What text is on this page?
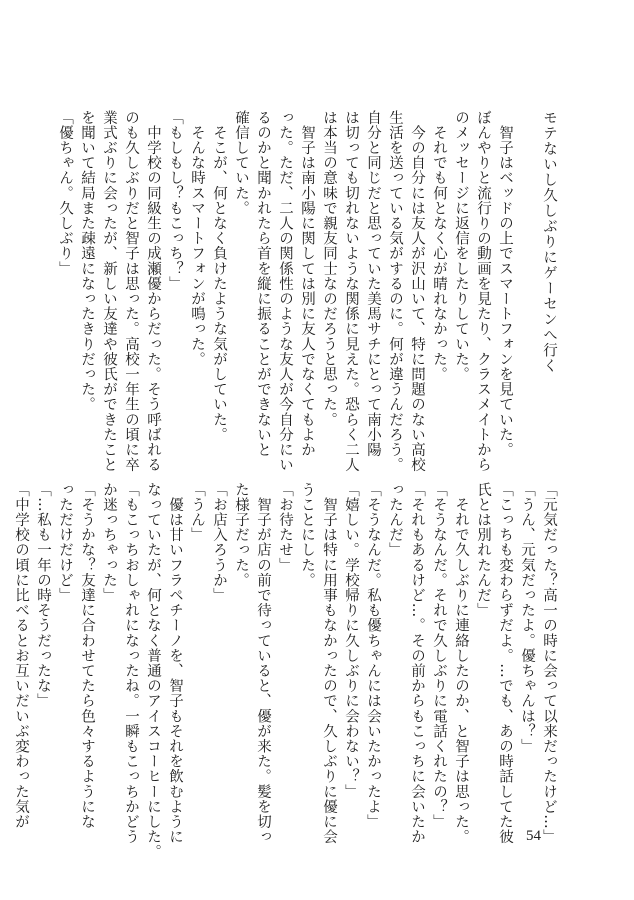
モテないし久しぶりにゲーセンへ行く
　智子はベッドの上でスマートフォンを見ていた。
ぼんやりと流行りの動画を見たり、クラスメイトから
のメッセージに返信をしたりしていた。
　それでも何となく心が晴れなかった。
　今の自分には友人が沢山いて、特に問題のない高校
生活を送っている気がするのに。何が違うんだろう。
自分と同じだと思っていた美馬サチにとって南小陽
は切っても切れないような関係に見えた。恐らく二人
は本当の意味で親友同士なのだろうと思った。
　智子は南小陽に関しては別に友人でなくてもよか
った。ただ、二人の関係性のような友人が今自分にい
るのかと聞かれたら首を縦に振ることができないと
確信していた。
　そこが、何となく負けたような気がしていた。
　そんな時スマートフォンが鳴った。
「もしもし？もこっち？」
　中学校の同級生の成瀬優からだった。そう呼ばれる
のも久しぶりだと智子は思った。高校一年生の頃に卒
業式ぶりに会ったが、新しい友達や彼氏ができたこと
を聞いて結局また疎遠になったきりだった。
「優ちゃん。久しぶり」
「元気だった？高一の時に会って以来だったけど…」
「うん、元気だったよ。優ちゃんは？」
「こっちも変わらずだよ。…でも、あの時話してた彼
氏とは別れたんだ」
　それで久しぶりに連絡したのか、と智子は思った。
「そうなんだ。それで久しぶりに電話くれたの？」
「それもあるけど…。その前からもこっちに会いたか
ったんだ」
「そうなんだ。私も優ちゃんには会いたかったよ」
「嬉しい。学校帰りに久しぶりに会わない？」
　智子は特に用事もなかったので、久しぶりに優に会
うことにした。
「お待たせ」
　智子が店の前で待っていると、優が来た。髪を切っ
た様子だった。
「お店入ろうか」
「うん」
　優は甘いフラペチーノを、智子もそれを飲むように
なっていたが、何となく普通のアイスコーヒーにした。
「もこっちおしゃれになったね。一瞬もこっちかどう
か迷っちゃった」
「そうかな？友達に合わせてたら色々するようにな
っただけだけど」
「…私も一年の時そうだったな」
「中学校の頃に比べるとお互いだいぶ変わった気が
54
